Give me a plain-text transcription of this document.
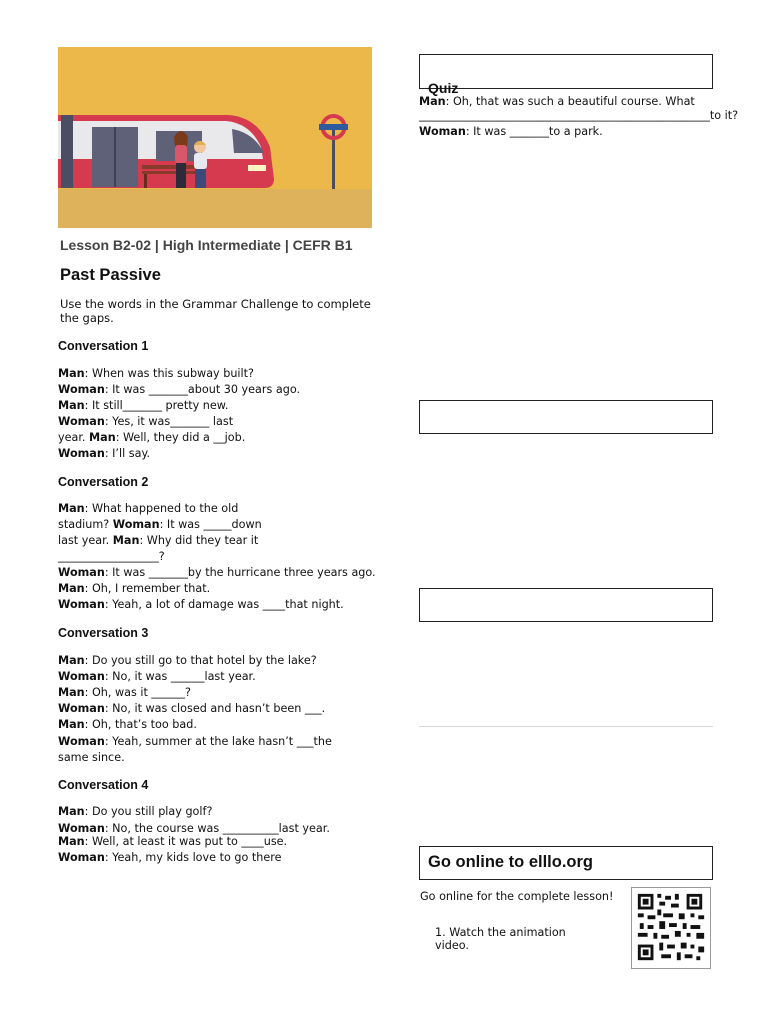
Lesson B2-02 | High Intermediate | CEFR B1
Past Passive
Use the words in the Grammar Challenge to complete the gaps.
Conversation 1
Man: When was this subway built?
Woman: It was _______about 30 years ago.
Man: It still_______ pretty new.
Woman: Yes, it was_______ last
year. Man: Well, they did a __job.
Woman: I’ll say.
Conversation 2
Man: What happened to the old
stadium? Woman: It was _____down
last year. Man: Why did they tear it
__________________?
Woman: It was _______by the hurricane three years ago.
Man: Oh, I remember that.
Woman: Yeah, a lot of damage was ____that night.
Conversation 3
Man: Do you still go to that hotel by the lake?
Woman: No, it was ______last year.
Man: Oh, was it ______?
Woman: No, it was closed and hasn’t been ___.
Man: Oh, that’s too bad.
Woman: Yeah, summer at the lake hasn’t ___the
same since.
Conversation 4
Man: Do you still play golf?
Woman: No, the course was __________last year.
Man: Well, at least it was put to ____use.
Woman: Yeah, my kids love to go there
Quiz
Man: Oh, that was such a beautiful course. What
____________________________________________________to it?
Woman: It was _______to a park.
Go online to elllo.org
Go online for the complete lesson!
1. Watch the animation video.
